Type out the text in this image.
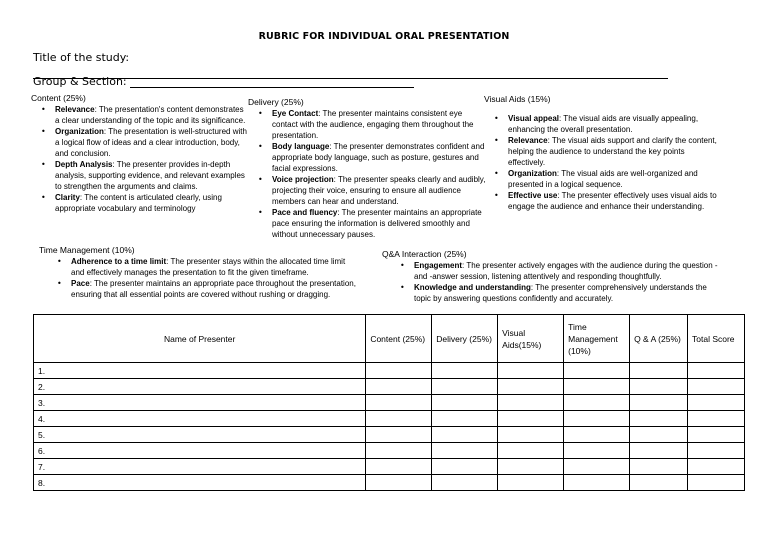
RUBRIC FOR INDIVIDUAL ORAL PRESENTATION
Title of the study:
Group & Section:
Content (25%)
• Relevance: The presentation's content demonstrates a clear understanding of the topic and its significance.
• Organization: The presentation is well-structured with a logical flow of ideas and a clear introduction, body, and conclusion.
• Depth Analysis: The presenter provides in-depth analysis, supporting evidence, and relevant examples to strengthen the arguments and claims.
• Clarity: The content is articulated clearly, using appropriate vocabulary and terminology
Delivery (25%)
• Eye Contact: The presenter maintains consistent eye contact with the audience, engaging them throughout the presentation.
• Body language: The presenter demonstrates confident and appropriate body language, such as posture, gestures and facial expressions.
• Voice projection: The presenter speaks clearly and audibly, projecting their voice, ensuring to ensure all audience members can hear and understand.
• Pace and fluency: The presenter maintains an appropriate pace ensuring the information is delivered smoothly and without unnecessary pauses.
Visual Aids (15%)
• Visual appeal: The visual aids are visually appealing, enhancing the overall presentation.
• Relevance: The visual aids support and clarify the content, helping the audience to understand the key points effectively.
• Organization: The visual aids are well-organized and presented in a logical sequence.
• Effective use: The presenter effectively uses visual aids to engage the audience and enhance their understanding.
Time Management (10%)
• Adherence to a time limit: The presenter stays within the allocated time limit and effectively manages the presentation to fit the given timeframe.
• Pace: The presenter maintains an appropriate pace throughout the presentation, ensuring that all essential points are covered without rushing or dragging.
Q&A Interaction (25%)
• Engagement: The presenter actively engages with the audience during the question -and -answer session, listening attentively and responding thoughtfully.
• Knowledge and understanding: The presenter comprehensively understands the topic by answering questions confidently and accurately.
Name of Presenter	Content (25%)	Delivery (25%)	Visual Aids(15%)	Time Management (10%)	Q & A (25%)	Total Score
1.						
2.						
3.						
4.						
5.						
6.						
7.						
8.						
